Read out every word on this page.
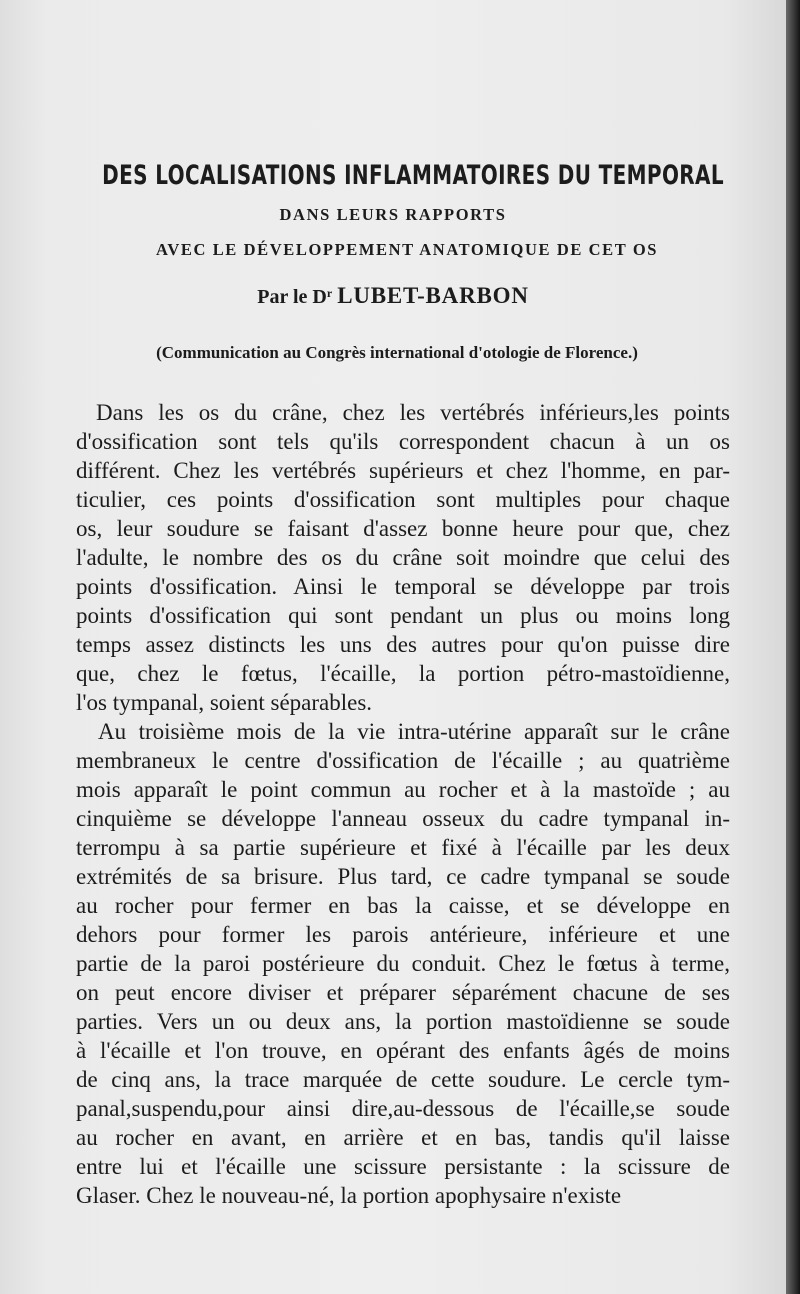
DES LOCALISATIONS INFLAMMATOIRES DU TEMPORAL
DANS LEURS RAPPORTS
AVEC LE DÉVELOPPEMENT ANATOMIQUE DE CET OS
Par le $D^r$ LUBET-BARBON
(Communication au Congrès international d'otologie de Florence.)
Dans les os du crâne, chez les vertébrés inférieurs,les points
d'ossification sont tels qu'ils correspondent chacun à un os
différent. Chez les vertébrés supérieurs et chez l'homme, en par-
ticulier, ces points d'ossification sont multiples pour chaque
os, leur soudure se faisant d'assez bonne heure pour que, chez
l'adulte, le nombre des os du crâne soit moindre que celui des
points d'ossification. Ainsi le temporal se développe par trois
points d'ossification qui sont pendant un plus ou moins long
temps assez distincts les uns des autres pour qu'on puisse dire
que, chez le fœtus, l'écaille, la portion pétro-mastoïdienne,
l'os tympanal, soient séparables.
Au troisième mois de la vie intra-utérine apparaît sur le crâne
membraneux le centre d'ossification de l'écaille ; au quatrième
mois apparaît le point commun au rocher et à la mastoïde ; au
cinquième se développe l'anneau osseux du cadre tympanal in-
terrompu à sa partie supérieure et fixé à l'écaille par les deux
extrémités de sa brisure. Plus tard, ce cadre tympanal se soude
au rocher pour fermer en bas la caisse, et se développe en
dehors pour former les parois antérieure, inférieure et une
partie de la paroi postérieure du conduit. Chez le fœtus à terme,
on peut encore diviser et préparer séparément chacune de ses
parties. Vers un ou deux ans, la portion mastoïdienne se soude
à l'écaille et l'on trouve, en opérant des enfants âgés de moins
de cinq ans, la trace marquée de cette soudure. Le cercle tym-
panal,suspendu,pour ainsi dire,au-dessous de l'écaille,se soude
au rocher en avant, en arrière et en bas, tandis qu'il laisse
entre lui et l'écaille une scissure persistante : la scissure de
Glaser. Chez le nouveau-né, la portion apophysaire n'existe
